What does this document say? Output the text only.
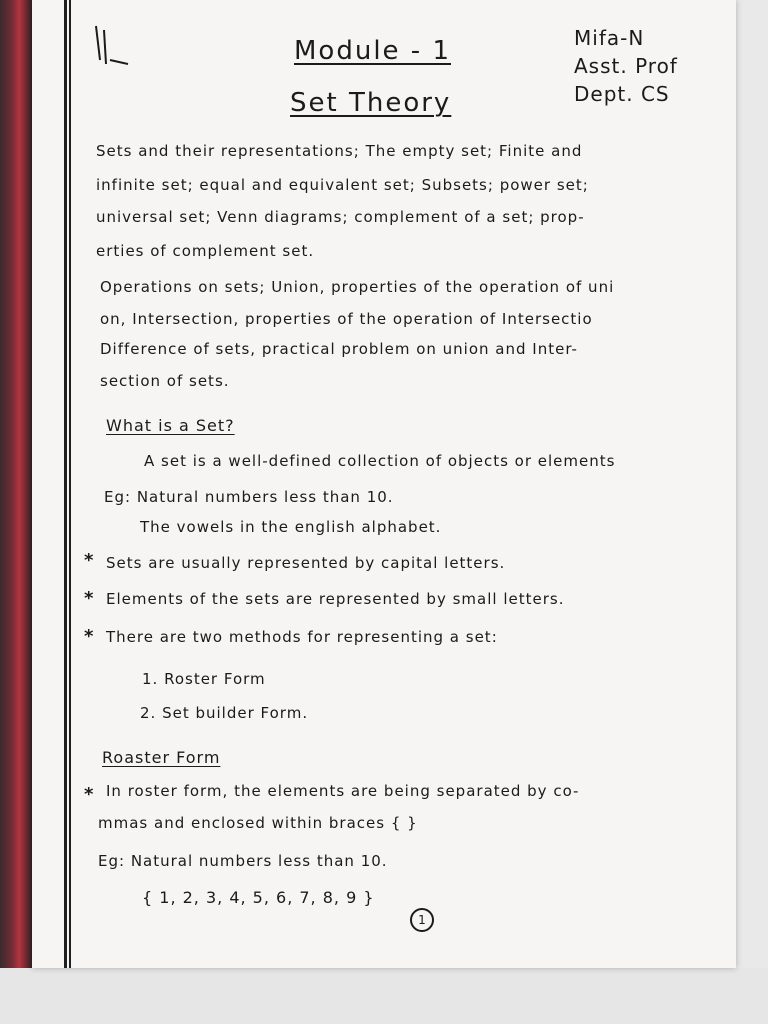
Module - 1
Set Theory
Mifa-N
Asst. Prof
Dept. CS
Sets and their representations; The empty set; Finite and
infinite set; equal and equivalent set; Subsets; power set;
universal set; Venn diagrams; complement of a set; prop-
erties of complement set.
Operations on sets; Union, properties of the operation of uni
on, Intersection, properties of the operation of Intersectio
Difference of sets, practical problem on union and Inter-
section of sets.
What is a Set?
A set is a well-defined collection of objects or elements
Eg: Natural numbers less than 10.
The vowels in the english alphabet.
* Sets are usually represented by capital letters.
* Elements of the sets are represented by small letters.
* There are two methods for representing a set:
1. Roster Form
2. Set builder Form.
Roaster Form
* In roster form, the elements are being separated by co-
mmas and enclosed within braces { }
Eg: Natural numbers less than 10.
{ 1, 2, 3, 4, 5, 6, 7, 8, 9 }
1
